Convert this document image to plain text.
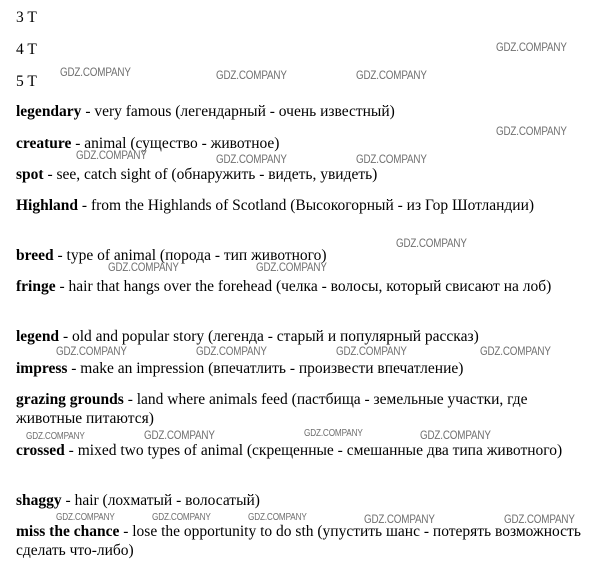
3 T
4 T
5 T
legendary - very famous (легендарный - очень известный)
creature - animal (существо - животное)
spot - see, catch sight of (обнаружить - видеть, увидеть)
Highland - from the Highlands of Scotland (Высокогорный - из Гор Шотландии)
breed - type of animal (порода - тип животного)
fringe - hair that hangs over the forehead (челка - волосы, который свисают на лоб)
legend - old and popular story (легенда - старый и популярный рассказ)
impress - make an impression (впечатлить - произвести впечатление)
grazing grounds - land where animals feed (пастбища - земельные участки, где животные питаются)
crossed - mixed two types of animal (скрещенные - смешанные два типа животного)
shaggy - hair (лохматый - волосатый)
miss the chance - lose the opportunity to do sth (упустить шанс - потерять возможность сделать что-либо)
GDZ.COMPANY
GDZ.COMPANY	GDZ.COMPANY	GDZ.COMPANY
GDZ.COMPANY
GDZ.COMPANY	GDZ.COMPANY	GDZ.COMPANY
GDZ.COMPANY
GDZ.COMPANY	GDZ.COMPANY
GDZ.COMPANY	GDZ.COMPANY	GDZ.COMPANY	GDZ.COMPANY
GDZ.COMPANY	GDZ.COMPANY	GDZ.COMPANY	GDZ.COMPANY
GDZ.COMPANY	GDZ.COMPANY	GDZ.COMPANY	GDZ.COMPANY	GDZ.COMPANY
